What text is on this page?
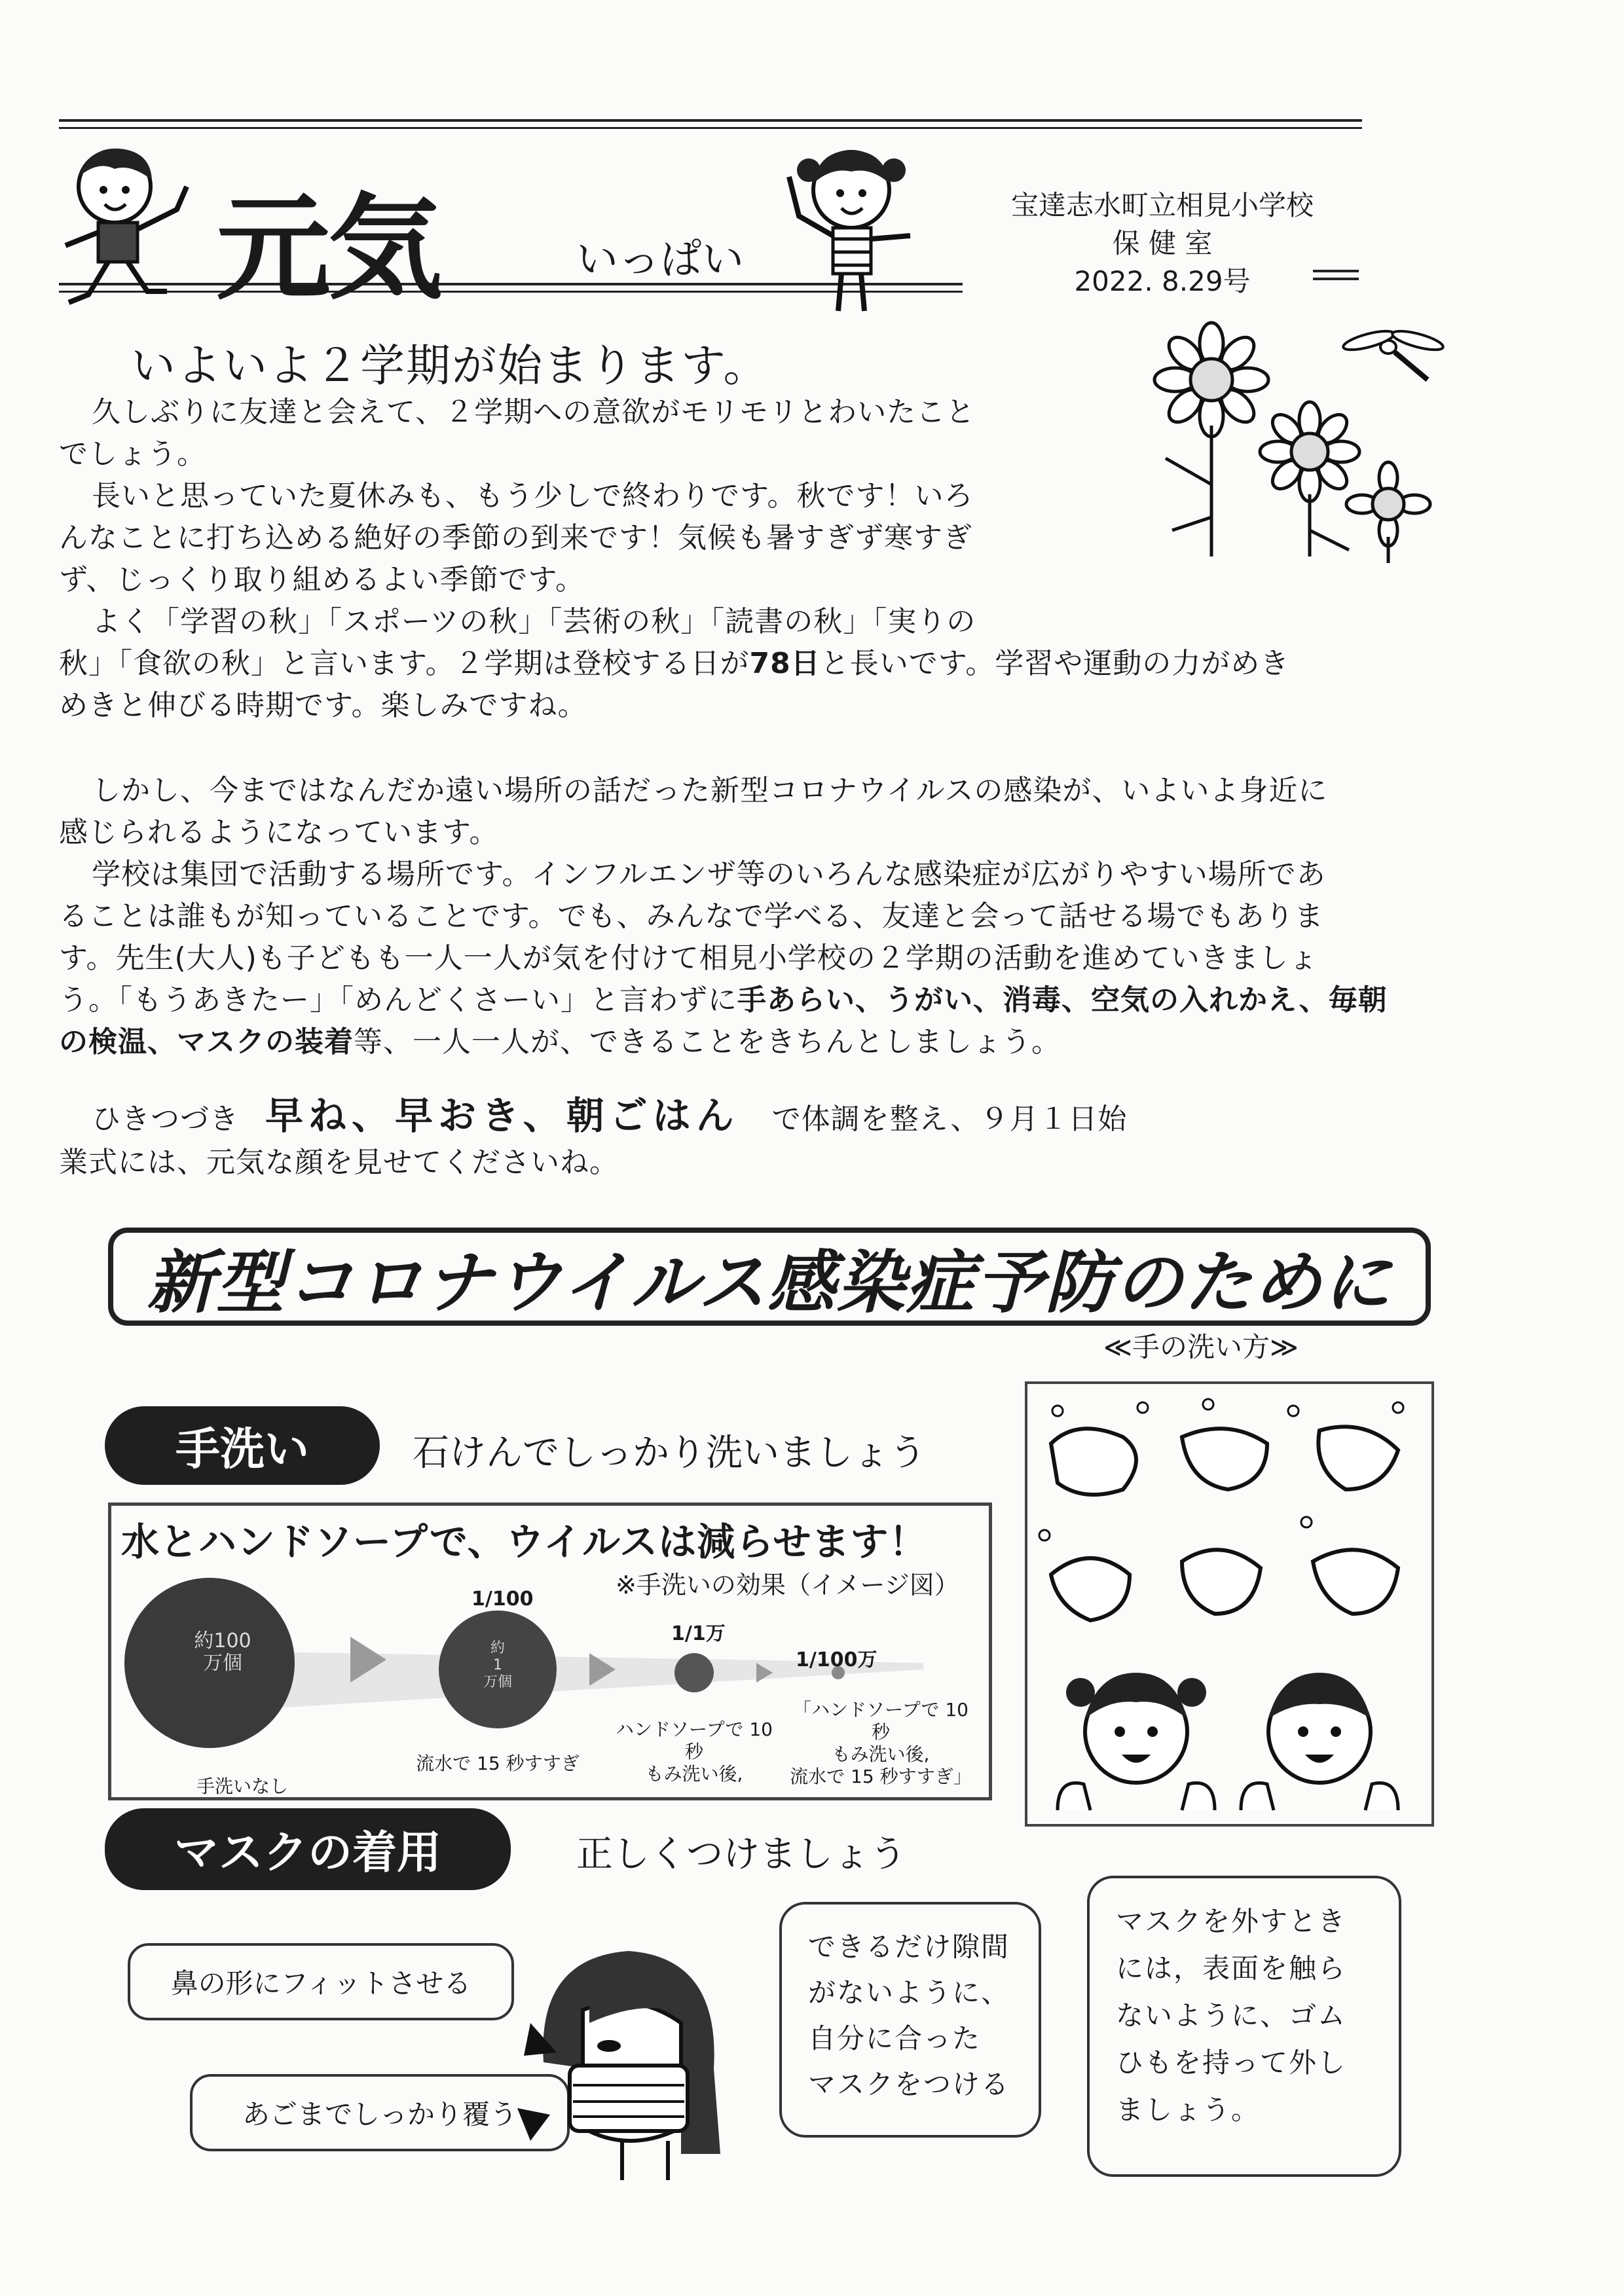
元気	いっぱい
宝達志水町立相見小学校
保 健 室
2022. 8.29号
いよいよ２学期が始まります。
久しぶりに友達と会えて、２学期への意欲がモリモリとわいたこと
でしょう。
長いと思っていた夏休みも、もう少しで終わりです。秋です！いろ
んなことに打ち込める絶好の季節の到来です！気候も暑すぎず寒すぎ
ず、じっくり取り組めるよい季節です。
よく「学習の秋」「スポーツの秋」「芸術の秋」「読書の秋」「実りの
秋」「食欲の秋」と言います。２学期は登校する日が78日と長いです。学習や運動の力がめき
めきと伸びる時期です。楽しみですね。
しかし、今まではなんだか遠い場所の話だった新型コロナウイルスの感染が、いよいよ身近に
感じられるようになっています。
学校は集団で活動する場所です。インフルエンザ等のいろんな感染症が広がりやすい場所であ
ることは誰もが知っていることです。でも、みんなで学べる、友達と会って話せる場でもありま
す。先生(大人)も子どもも一人一人が気を付けて相見小学校の２学期の活動を進めていきましょ
う。「もうあきたー」「めんどくさーい」と言わずに手あらい、うがい、消毒、空気の入れかえ、毎朝
の検温、マスクの装着等、一人一人が、できることをきちんとしましょう。
ひきつづき 早ね、早おき、朝ごはん で体調を整え、９月１日始
業式には、元気な顔を見せてくださいね。
新型コロナウイルス感染症予防のために
≪手の洗い方≫
手洗い	石けんでしっかり洗いましょう
水とハンドソープで、ウイルスは減らせます！
※手洗いの効果（イメージ図）
約100
万個
約
1
万個
1/100
1/1万
1/100万
手洗いなし
流水で 15 秒すすぎ
ハンドソープで 10
秒
もみ洗い後,
「ハンドソープで 10
秒
もみ洗い後,
流水で 15 秒すすぎ」
マスクの着用	正しくつけましょう
鼻の形にフィットさせる
あごまでしっかり覆う
できるだけ隙間
がないように、
自分に合った
マスクをつける
マスクを外すとき
には，表面を触ら
ないように、ゴム
ひもを持って外し
ましょう。
